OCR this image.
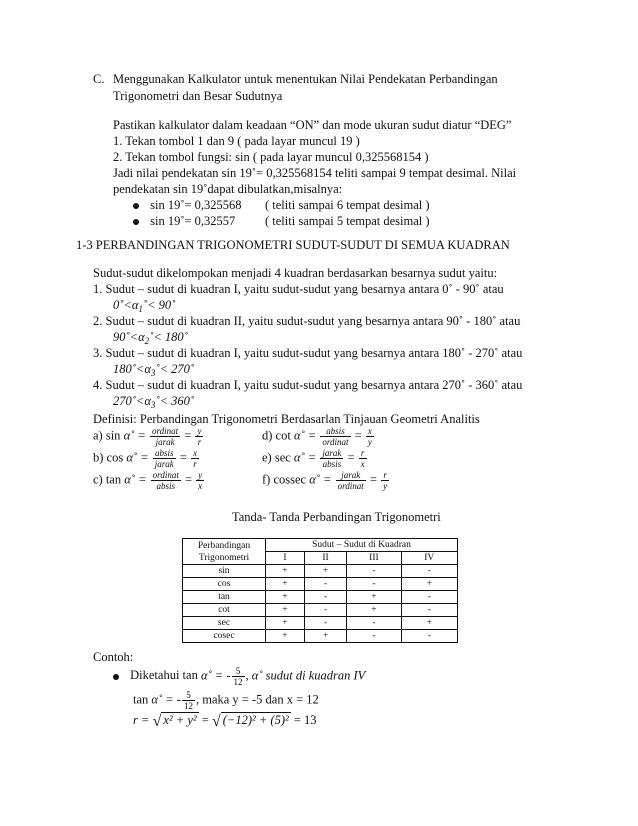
C. Menggunakan Kalkulator untuk menentukan Nilai Pendekatan Perbandingan
Trigonometri dan Besar Sudutnya
Pastikan kalkulator dalam keadaan “ON” dan mode ukuran sudut diatur “DEG”
1. Tekan tombol 1 dan 9 ( pada layar muncul 19 )
2. Tekan tombol fungsi: sin ( pada layar muncul 0,325568154 )
Jadi nilai pendekatan sin 19˚= 0,325568154 teliti sampai 9 tempat desimal. Nilai
pendekatan sin 19˚dapat dibulatkan,misalnya:
sin 19˚= 0,325568 ( teliti sampai 6 tempat desimal )
sin 19˚= 0,32557 ( teliti sampai 5 tempat desimal )
1-3 PERBANDINGAN TRIGONOMETRI SUDUT-SUDUT DI SEMUA KUADRAN
Sudut-sudut dikelompokan menjadi 4 kuadran berdasarkan besarnya sudut yaitu:
1. Sudut – sudut di kuadran I, yaitu sudut-sudut yang besarnya antara 0˚ - 90˚ atau
$0˚<\alpha_1˚<$ 90˚
2. Sudut – sudut di kuadran II, yaitu sudut-sudut yang besarnya antara 90˚ - 180˚ atau
$90˚<\alpha_2˚<$ 180˚
3. Sudut – sudut di kuadran I, yaitu sudut-sudut yang besarnya antara 180˚ - 270˚ atau
$180˚<\alpha_3˚<$ 270˚
4. Sudut – sudut di kuadran I, yaitu sudut-sudut yang besarnya antara 270˚ - 360˚ atau
$270˚<\alpha_3˚<$ 360˚
Definisi: Perbandingan Trigonometri Berdasarlan Tinjauan Geometri Analitis
a) sin α˚ = $\frac{\text{ordinat}}{\text{jarak}} = \frac{y}{r}$
b) cos α˚ = $\frac{\text{absis}}{\text{jarak}} = \frac{x}{r}$
c) tan α˚ = $\frac{\text{ordinat}}{\text{absis}} = \frac{y}{x}$
d) cot α˚ = $\frac{\text{absis}}{\text{ordinat}} = \frac{x}{y}$
e) sec α˚ = $\frac{\text{jarak}}{\text{absis}} = \frac{r}{x}$
f) cossec α˚ = $\frac{\text{jarak}}{\text{ordinat}} = \frac{r}{y}$
Tanda- Tanda Perbandingan Trigonometri
Perbandingan
Trigonometri	Sudut – Sudut di Kuadran			
	I	II	III	IV
sin	+	+	-	-
cos	+	-	-	+
tan	+	-	+	-
cot	+	-	+	-
sec	+	-	-	+
cosec	+	+	-	-
Contoh:
Diketahui tan α˚ = - $\frac{5}{12}$ , α˚ sudut di kuadran IV
tan α˚ = - $\frac{5}{12}$ , maka y = -5 dan x = 12
r = √ x² + y² = √ (−12)² + (5)² = 13
